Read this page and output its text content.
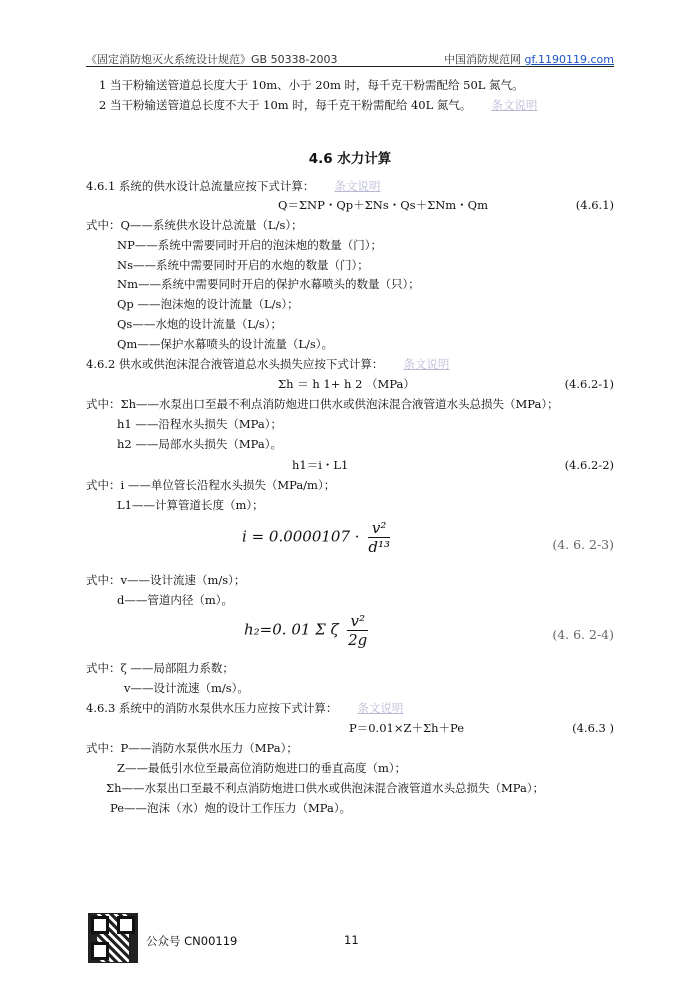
《固定消防炮灭火系统设计规范》GB 50338-2003	中国消防规范网 gf.1190119.com
1 当干粉输送管道总长度大于 10m、小于 20m 时，每千克干粉需配给 50L 氮气。
2 当干粉输送管道总长度不大于 10m 时，每千克干粉需配给 40L 氮气。 条文说明
4.6 水力计算
4.6.1 系统的供水设计总流量应按下式计算： 条文说明
Q＝ΣNP・Qp＋ΣNs・Qs＋ΣNm・Qm	(4.6.1)
式中：Q——系统供水设计总流量（L/s）；
NP——系统中需要同时开启的泡沫炮的数量（门）；
Ns——系统中需要同时开启的水炮的数量（门）；
Nm——系统中需要同时开启的保护水幕喷头的数量（只）；
Qp ——泡沫炮的设计流量（L/s）；
Qs——水炮的设计流量（L/s）；
Qm——保护水幕喷头的设计流量（L/s）。
4.6.2 供水或供泡沫混合液管道总水头损失应按下式计算： 条文说明
Σh ＝ h 1+ h 2 （MPa）	(4.6.2-1)
式中：Σh——水泵出口至最不利点消防炮进口供水或供泡沫混合液管道水头总损失（MPa）；
h1 ——沿程水头损失（MPa）；
h2 ——局部水头损失（MPa）。
h1＝i・L1	(4.6.2-2)
式中：i ——单位管长沿程水头损失（MPa/m）；
L1——计算管道长度（m）；
$i = 0.0000107 \cdot \frac{\text{v²}}{\text{d¹³}}$	(4. 6. 2-3)
式中：v——设计流速（m/s）；
d——管道内径（m）。
h₂=0. 01 Σ ζ $\frac{\text{v²}}{2g}$	(4. 6. 2-4)
式中：ζ ——局部阻力系数；
v——设计流速（m/s）。
4.6.3 系统中的消防水泵供水压力应按下式计算： 条文说明
P＝0.01×Z＋Σh＋Pe	(4.6.3 )
式中：P——消防水泵供水压力（MPa）；
Z——最低引水位至最高位消防炮进口的垂直高度（m）；
Σh——水泵出口至最不利点消防炮进口供水或供泡沫混合液管道水头总损失（MPa）；
Pe——泡沫（水）炮的设计工作压力（MPa）。
公众号 CN00119	11
